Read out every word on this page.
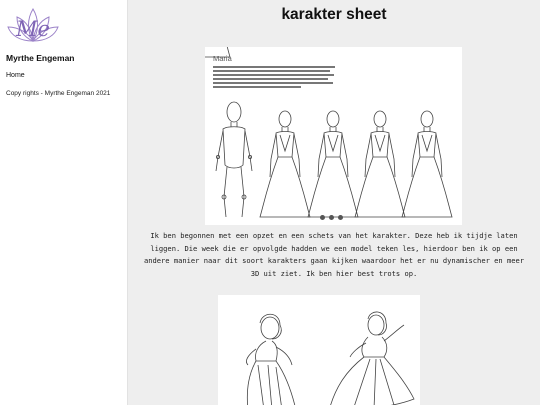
Me
Myrthe Engeman
Home
Copy rights - Myrthe Engeman 2021
karakter sheet
Maria

Ik ben begonnen met een opzet en een schets van het karakter. Deze heb ik tijdje laten liggen. Die week die er opvolgde hadden we een model teken les, hierdoor ben ik op een andere manier naar dit soort karakters gaan kijken waardoor het er nu dynamischer en meer 3D uit ziet. Ik ben hier best trots op.
